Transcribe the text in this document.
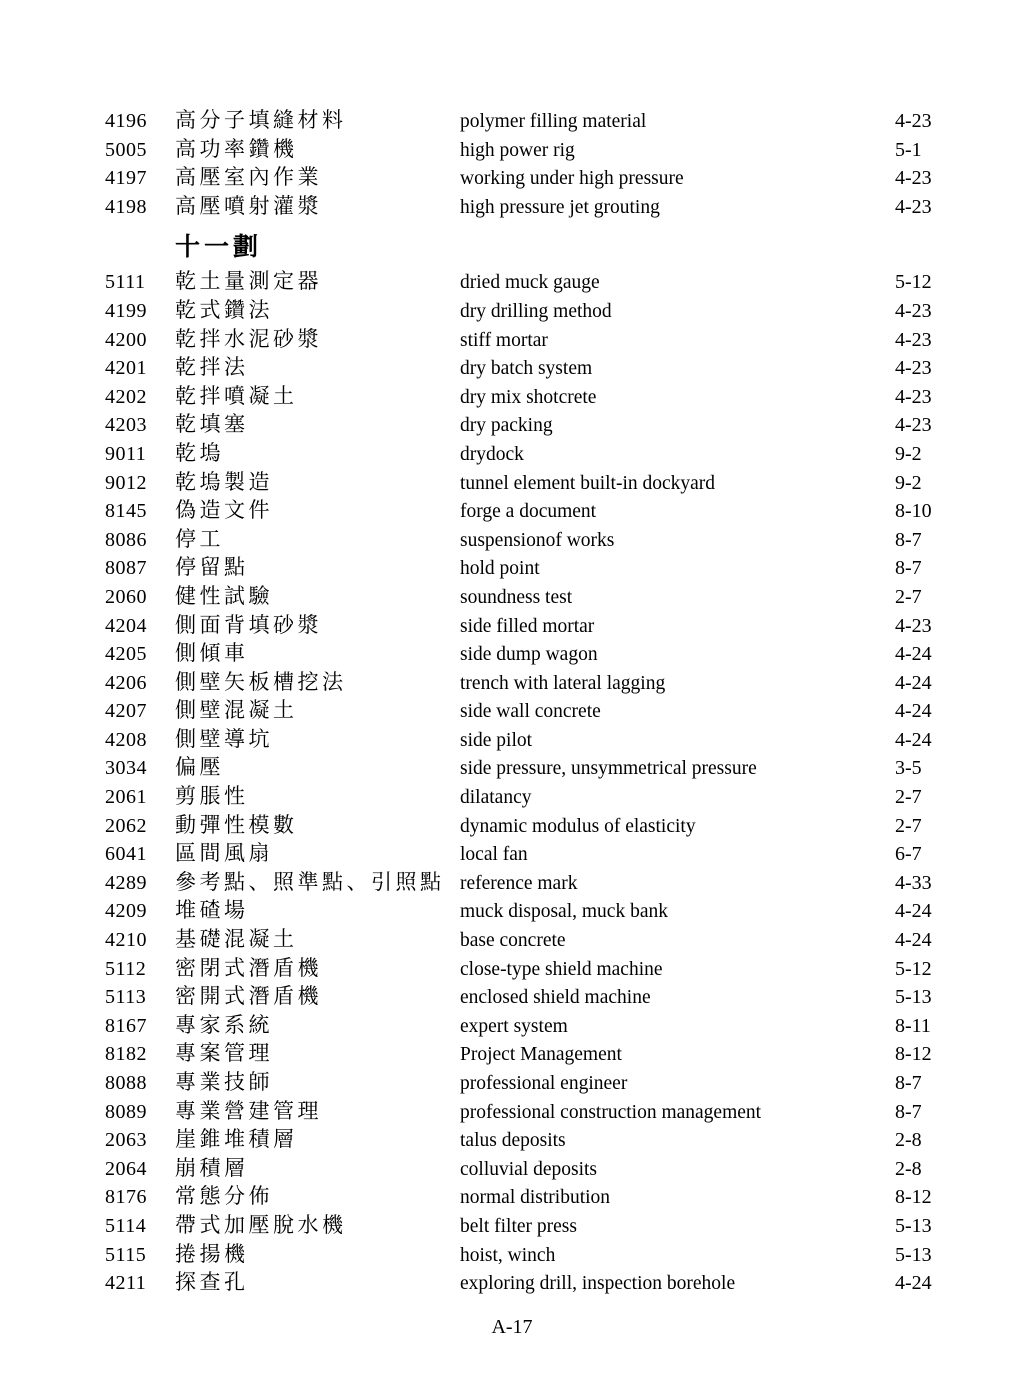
4196	高分子填縫材料	polymer filling material	4-23
5005	高功率鑽機	high power rig	5-1
4197	高壓室內作業	working under high pressure	4-23
4198	高壓噴射灌漿	high pressure jet grouting	4-23
十一劃
5111	乾土量測定器	dried muck gauge	5-12
4199	乾式鑽法	dry drilling method	4-23
4200	乾拌水泥砂漿	stiff mortar	4-23
4201	乾拌法	dry batch system	4-23
4202	乾拌噴凝土	dry mix shotcrete	4-23
4203	乾填塞	dry packing	4-23
9011	乾塢	drydock	9-2
9012	乾塢製造	tunnel element built-in dockyard	9-2
8145	偽造文件	forge a document	8-10
8086	停工	suspensionof works	8-7
8087	停留點	hold point	8-7
2060	健性試驗	soundness test	2-7
4204	側面背填砂漿	side filled mortar	4-23
4205	側傾車	side dump wagon	4-24
4206	側壁矢板槽挖法	trench with lateral lagging	4-24
4207	側壁混凝土	side wall concrete	4-24
4208	側壁導坑	side pilot	4-24
3034	偏壓	side pressure, unsymmetrical pressure	3-5
2061	剪脹性	dilatancy	2-7
2062	動彈性模數	dynamic modulus of elasticity	2-7
6041	區間風扇	local fan	6-7
4289	參考點、照準點、引照點 reference mark	4-33
4209	堆碴場	muck disposal, muck bank	4-24
4210	基礎混凝土	base concrete	4-24
5112	密閉式潛盾機	close-type shield machine	5-12
5113	密開式潛盾機	enclosed shield machine	5-13
8167	專家系統	expert system	8-11
8182	專案管理	Project Management	8-12
8088	專業技師	professional engineer	8-7
8089	專業營建管理	professional construction management	8-7
2063	崖錐堆積層	talus deposits	2-8
2064	崩積層	colluvial deposits	2-8
8176	常態分佈	normal distribution	8-12
5114	帶式加壓脫水機	belt filter press	5-13
5115	捲揚機	hoist, winch	5-13
4211	探查孔	exploring drill, inspection borehole	4-24
A-17
